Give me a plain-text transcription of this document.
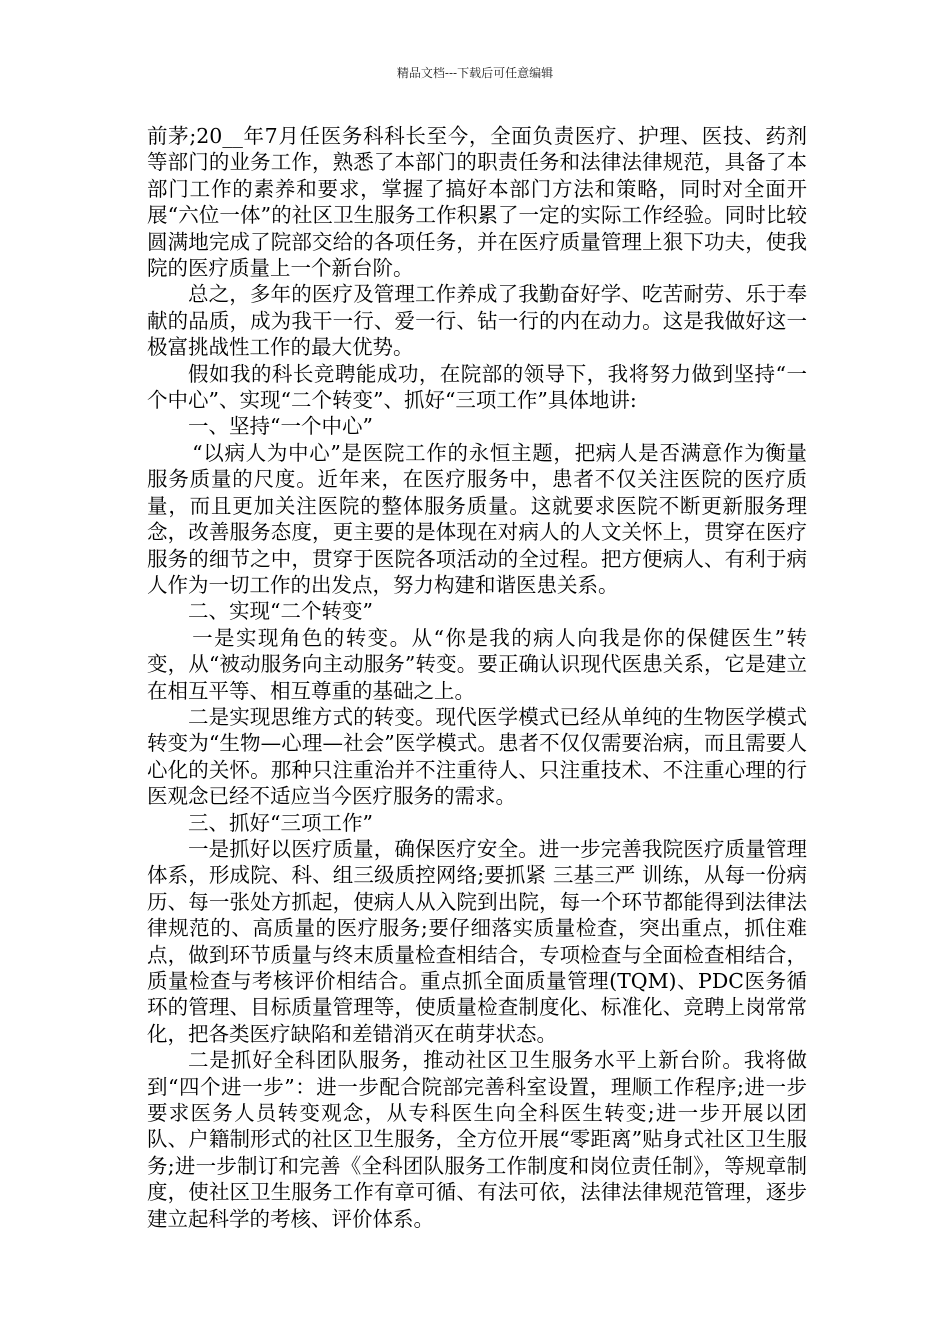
精品文档---下载后可任意编辑

前茅;20__年7月任医务科科长至今，全面负责医疗、护理、医技、药剂等部门的业务工作，熟悉了本部门的职责任务和法律法律规范，具备了本部门工作的素养和要求，掌握了搞好本部门方法和策略，同时对全面开展“六位一体”的社区卫生服务工作积累了一定的实际工作经验。同时比较圆满地完成了院部交给的各项任务，并在医疗质量管理上狠下功夫，使我院的医疗质量上一个新台阶。

总之，多年的医疗及管理工作养成了我勤奋好学、吃苦耐劳、乐于奉献的品质，成为我干一行、爱一行、钻一行的内在动力。这是我做好这一极富挑战性工作的最大优势。

假如我的科长竞聘能成功，在院部的领导下，我将努力做到坚持“一个中心”、实现“二个转变”、抓好“三项工作”具体地讲:

一、坚持“一个中心”

“以病人为中心”是医院工作的永恒主题，把病人是否满意作为衡量服务质量的尺度。近年来，在医疗服务中，患者不仅关注医院的医疗质量，而且更加关注医院的整体服务质量。这就要求医院不断更新服务理念，改善服务态度，更主要的是体现在对病人的人文关怀上，贯穿在医疗服务的细节之中，贯穿于医院各项活动的全过程。把方便病人、有利于病人作为一切工作的出发点，努力构建和谐医患关系。

二、实现“二个转变”

一是实现角色的转变。从“你是我的病人向我是你的保健医生”转变，从“被动服务向主动服务”转变。要正确认识现代医患关系，它是建立在相互平等、相互尊重的基础之上。

二是实现思维方式的转变。现代医学模式已经从单纯的生物医学模式转变为“生物—心理—社会”医学模式。患者不仅仅需要治病，而且需要人心化的关怀。那种只注重治并不注重待人、只注重技术、不注重心理的行医观念已经不适应当今医疗服务的需求。

三、抓好“三项工作”

一是抓好以医疗质量，确保医疗安全。进一步完善我院医疗质量管理体系，形成院、科、组三级质控网络;要抓紧 三基三严 训练，从每一份病历、每一张处方抓起，使病人从入院到出院，每一个环节都能得到法律法律规范的、高质量的医疗服务;要仔细落实质量检查，突出重点，抓住难点，做到环节质量与终末质量检查相结合，专项检查与全面检查相结合，质量检查与考核评价相结合。重点抓全面质量管理(TQM)、PDC医务循环的管理、目标质量管理等，使质量检查制度化、标准化、竞聘上岗常常化，把各类医疗缺陷和差错消灭在萌芽状态。

二是抓好全科团队服务，推动社区卫生服务水平上新台阶。我将做到“四个进一步”：进一步配合院部完善科室设置，理顺工作程序;进一步要求医务人员转变观念，从专科医生向全科医生转变;进一步开展以团队、户籍制形式的社区卫生服务，全方位开展“零距离”贴身式社区卫生服务;进一步制订和完善《全科团队服务工作制度和岗位责任制》，等规章制度，使社区卫生服务工作有章可循、有法可依，法律法律规范管理，逐步建立起科学的考核、评价体系。
